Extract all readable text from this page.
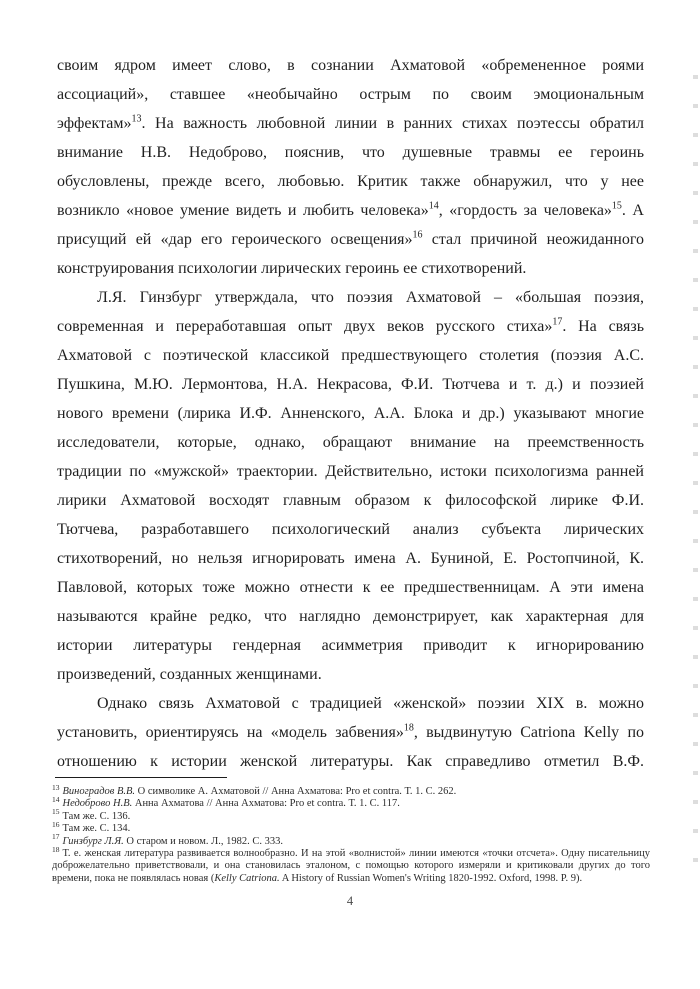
своим ядром имеет слово, в сознании Ахматовой «обремененное роями
ассоциаций», ставшее «необычайно острым по своим эмоциональным
эффектам»$^{13}$. На важность любовной линии в ранних стихах поэтессы обратил
внимание Н.В. Недоброво, пояснив, что душевные травмы ее героинь
обусловлены, прежде всего, любовью. Критик также обнаружил, что у нее
возникло «новое умение видеть и любить человека»$^{14}$, «гордость за человека»$^{15}$. А
присущий ей «дар его героического освещения»$^{16}$ стал причиной неожиданного
конструирования психологии лирических героинь ее стихотворений.
Л.Я. Гинзбург утверждала, что поэзия Ахматовой – «большая поэзия,
современная и переработавшая опыт двух веков русского стиха»$^{17}$. На связь
Ахматовой с поэтической классикой предшествующего столетия (поэзия А.С.
Пушкина, М.Ю. Лермонтова, Н.А. Некрасова, Ф.И. Тютчева и т. д.) и поэзией
нового времени (лирика И.Ф. Анненского, А.А. Блока и др.) указывают многие
исследователи, которые, однако, обращают внимание на преемственность
традиции по «мужской» траектории. Действительно, истоки психологизма ранней
лирики Ахматовой восходят главным образом к философской лирике Ф.И.
Тютчева, разработавшего психологический анализ субъекта лирических
стихотворений, но нельзя игнорировать имена А. Буниной, Е. Ростопчиной, К.
Павловой, которых тоже можно отнести к ее предшественницам. А эти имена
называются крайне редко, что наглядно демонстрирует, как характерная для
истории литературы гендерная асимметрия приводит к игнорированию
произведений, созданных женщинами.
Однако связь Ахматовой с традицией «женской» поэзии XIX в. можно
установить, ориентируясь на «модель забвения»$^{18}$, выдвинутую Catriona Kelly по
отношению к истории женской литературы. Как справедливо отметил В.Ф.
$^{13}$ Виноградов В.В. О символике А. Ахматовой // Анна Ахматова: Pro et contra. Т. 1. С. 262.
$^{14}$ Недоброво Н.В. Анна Ахматова // Анна Ахматова: Pro et contra. Т. 1. С. 117.
$^{15}$ Там же. С. 136.
$^{16}$ Там же. С. 134.
$^{17}$ Гинзбург Л.Я. О старом и новом. Л., 1982. С. 333.
$^{18}$ Т. е. женская литература развивается волнообразно. И на этой «волнистой» линии имеются «точки отсчета». Одну писательницу доброжелательно приветствовали, и она становилась эталоном, с помощью которого измеряли и критиковали других до того времени, пока не появлялась новая (Kelly Catriona. A History of Russian Women's Writing 1820-1992. Oxford, 1998. P. 9).
4
